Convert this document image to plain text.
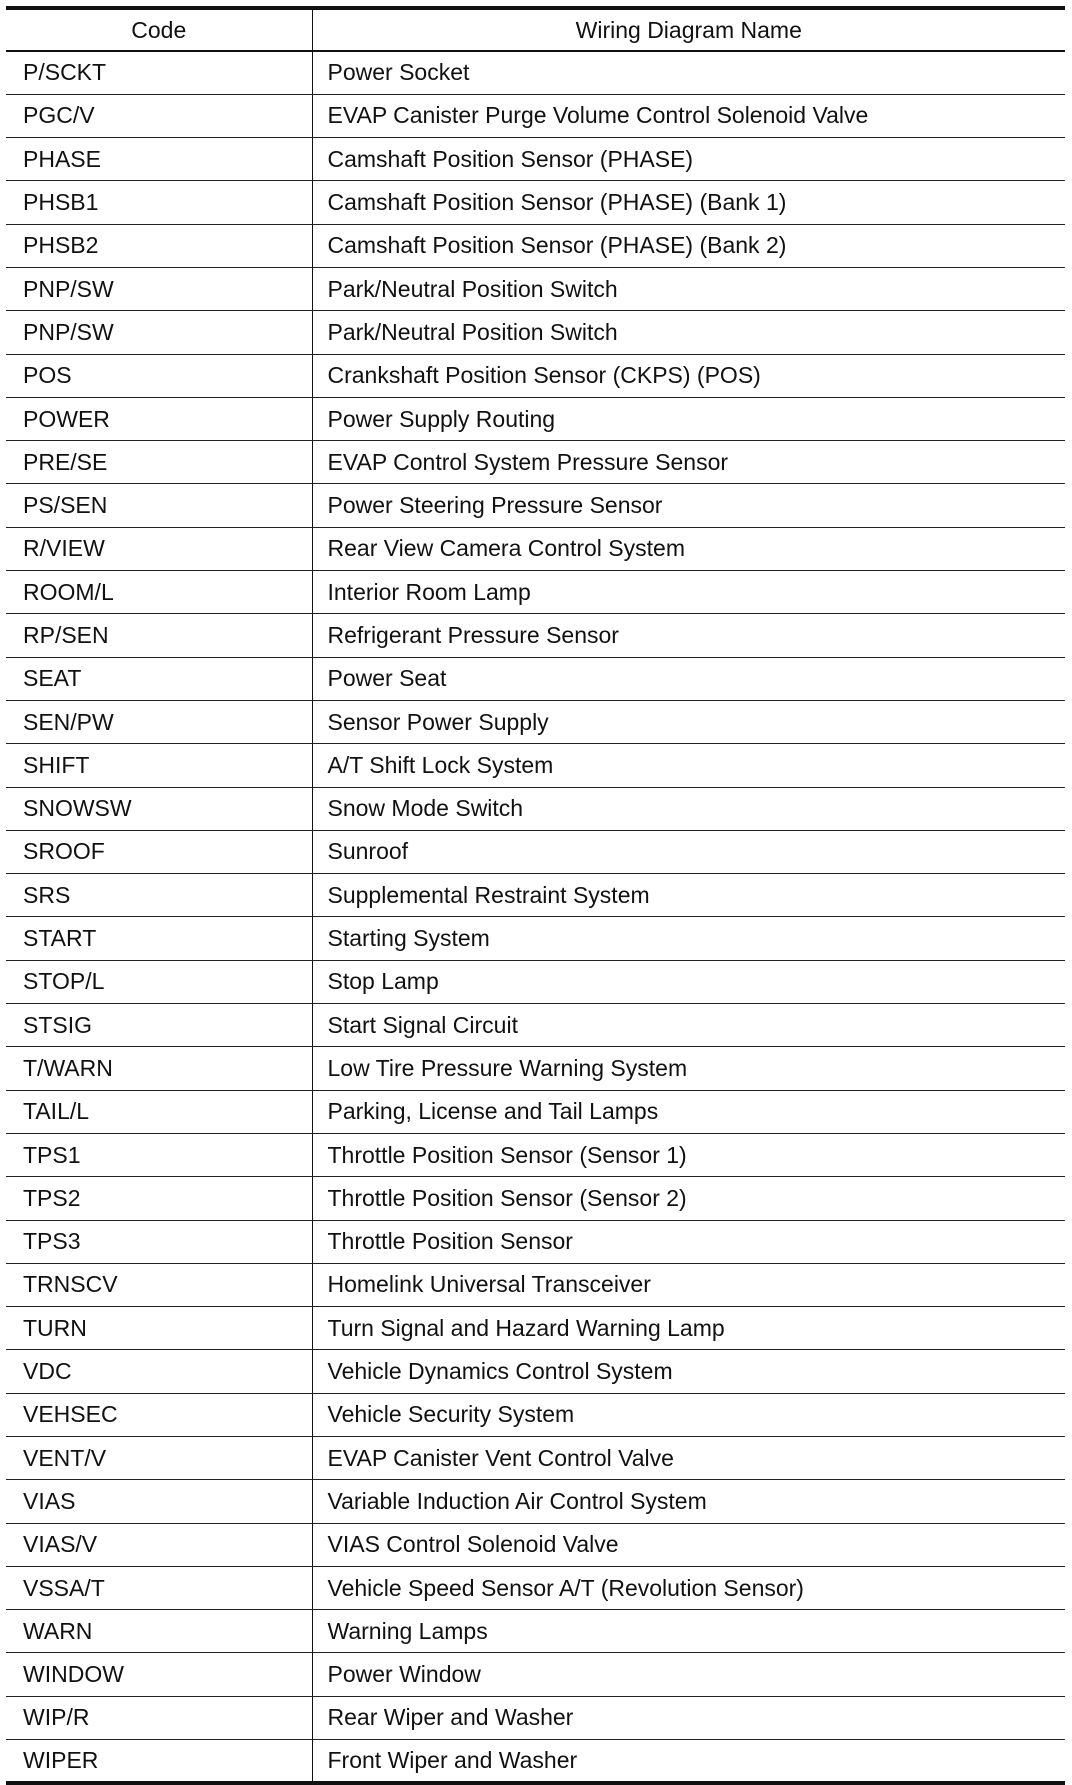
Code	Wiring Diagram Name
P/SCKT	Power Socket
PGC/V	EVAP Canister Purge Volume Control Solenoid Valve
PHASE	Camshaft Position Sensor (PHASE)
PHSB1	Camshaft Position Sensor (PHASE) (Bank 1)
PHSB2	Camshaft Position Sensor (PHASE) (Bank 2)
PNP/SW	Park/Neutral Position Switch
PNP/SW	Park/Neutral Position Switch
POS	Crankshaft Position Sensor (CKPS) (POS)
POWER	Power Supply Routing
PRE/SE	EVAP Control System Pressure Sensor
PS/SEN	Power Steering Pressure Sensor
R/VIEW	Rear View Camera Control System
ROOM/L	Interior Room Lamp
RP/SEN	Refrigerant Pressure Sensor
SEAT	Power Seat
SEN/PW	Sensor Power Supply
SHIFT	A/T Shift Lock System
SNOWSW	Snow Mode Switch
SROOF	Sunroof
SRS	Supplemental Restraint System
START	Starting System
STOP/L	Stop Lamp
STSIG	Start Signal Circuit
T/WARN	Low Tire Pressure Warning System
TAIL/L	Parking, License and Tail Lamps
TPS1	Throttle Position Sensor (Sensor 1)
TPS2	Throttle Position Sensor (Sensor 2)
TPS3	Throttle Position Sensor
TRNSCV	Homelink Universal Transceiver
TURN	Turn Signal and Hazard Warning Lamp
VDC	Vehicle Dynamics Control System
VEHSEC	Vehicle Security System
VENT/V	EVAP Canister Vent Control Valve
VIAS	Variable Induction Air Control System
VIAS/V	VIAS Control Solenoid Valve
VSSA/T	Vehicle Speed Sensor A/T (Revolution Sensor)
WARN	Warning Lamps
WINDOW	Power Window
WIP/R	Rear Wiper and Washer
WIPER	Front Wiper and Washer
